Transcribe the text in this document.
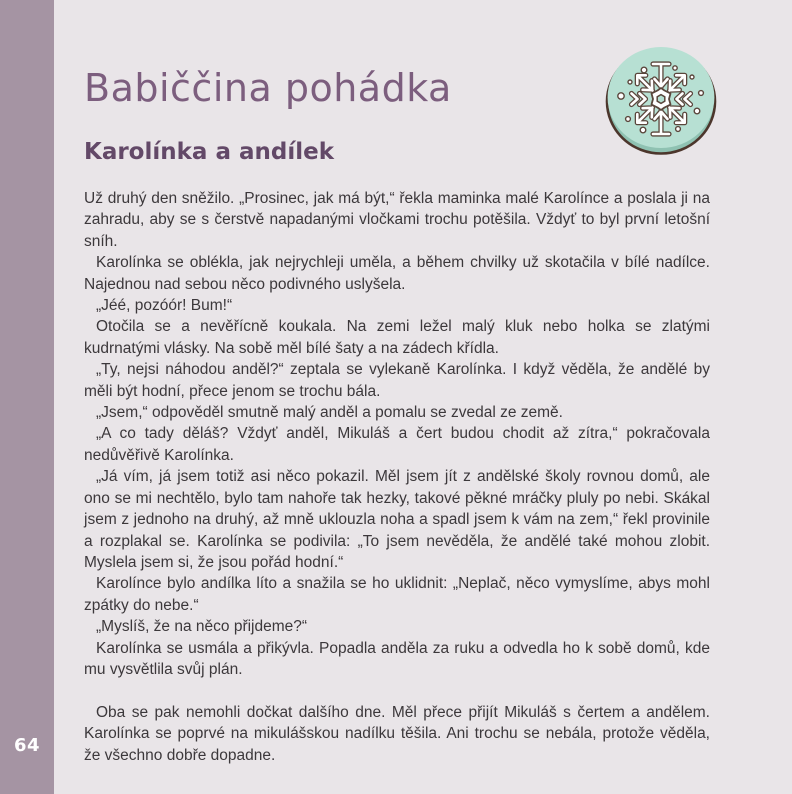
64
Babiččina pohádka
Karolínka a andílek

Už druhý den sněžilo. „Prosinec, jak má být,“ řekla maminka malé Karolínce a poslala ji na zahradu, aby se s čerstvě napadanými vločkami trochu potěšila. Vždyť to byl první letošní sníh.

Karolínka se oblékla, jak nejrychleji uměla, a během chvilky už skotačila v bílé nadílce. Najednou nad sebou něco podivného uslyšela.

„Jéé, pozóór! Bum!“

Otočila se a nevěřícně koukala. Na zemi ležel malý kluk nebo holka se zlatými kudrnatými vlásky. Na sobě měl bílé šaty a na zádech křídla.

„Ty, nejsi náhodou anděl?“ zeptala se vylekaně Karolínka. I když věděla, že andělé by měli být hodní, přece jenom se trochu bála.

„Jsem,“ odpověděl smutně malý anděl a pomalu se zvedal ze země.

„A co tady děláš? Vždyť anděl, Mikuláš a čert budou chodit až zítra,“ pokračovala nedůvěřivě Karolínka.

„Já vím, já jsem totiž asi něco pokazil. Měl jsem jít z andělské školy rovnou domů, ale ono se mi nechtělo, bylo tam nahoře tak hezky, takové pěkné mráčky pluly po nebi. Skákal jsem z jednoho na druhý, až mně uklouzla noha a spadl jsem k vám na zem,“ řekl provinile a rozplakal se. Karolínka se podivila: „To jsem nevěděla, že andělé také mohou zlobit. Myslela jsem si, že jsou pořád hodní.“

Karolínce bylo andílka líto a snažila se ho uklidnit: „Neplač, něco vymyslíme, abys mohl zpátky do nebe.“

„Myslíš, že na něco přijdeme?“

Karolínka se usmála a přikývla. Popadla anděla za ruku a odvedla ho k sobě domů, kde mu vysvětlila svůj plán.

Oba se pak nemohli dočkat dalšího dne. Měl přece přijít Mikuláš s čertem a andělem. Karolínka se poprvé na mikulášskou nadílku těšila. Ani trochu se nebála, protože věděla, že všechno dobře dopadne.
